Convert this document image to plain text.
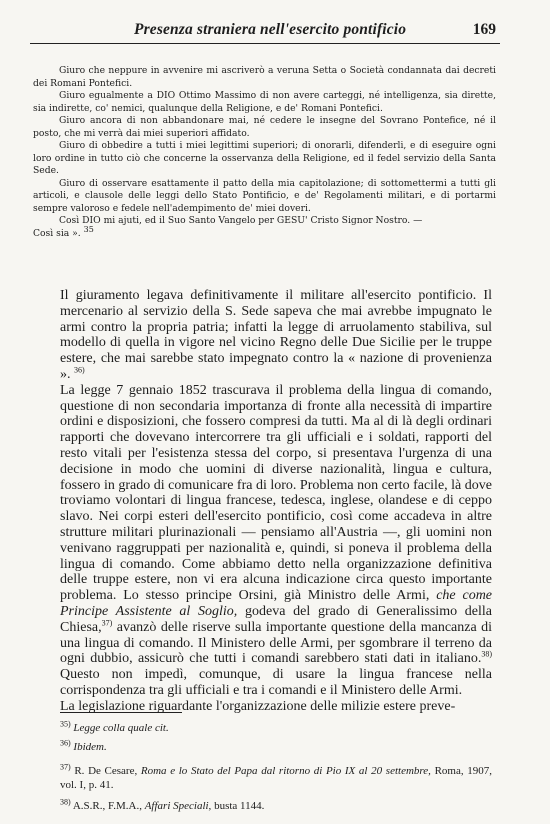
Presenza straniera nell'esercito pontificio	169

Giuro che neppure in avvenire mi ascriverò a veruna Setta o Società condannata dai decreti dei Romani Pontefici.

Giuro egualmente a DIO Ottimo Massimo di non avere carteggi, né intelligenza, sia dirette, sia indirette, co' nemici, qualunque della Religione, e de' Romani Pontefici.

Giuro ancora di non abbandonare mai, né cedere le insegne del Sovrano Pontefice, né il posto, che mi verrà dai miei superiori affidato.

Giuro di obbedire a tutti i miei legittimi superiori; di onorarli, difenderli, e di eseguire ogni loro ordine in tutto ciò che concerne la osservanza della Religione, ed il fedel servizio della Santa Sede.

Giuro di osservare esattamente il patto della mia capitolazione; di sottomettermi a tutti gli articoli, e clausole delle leggi dello Stato Pontificio, e de' Regolamenti militari, e di portarmi sempre valoroso e fedele nell'adempimento de' miei doveri.

Così DIO mi ajuti, ed il Suo Santo Vangelo per GESU' Cristo Signor Nostro. —

Così sia ». $^{35}$

Il giuramento legava definitivamente il militare all'esercito pontificio. Il mercenario al servizio della S. Sede sapeva che mai avrebbe impugnato le armi contro la propria patria; infatti la legge di arruolamento stabiliva, sul modello di quella in vigore nel vicino Regno delle Due Sicilie per le truppe estere, che mai sarebbe stato impegnato contro la « nazione di provenienza ». $^{36)}$

La legge 7 gennaio 1852 trascurava il problema della lingua di comando, questione di non secondaria importanza di fronte alla necessità di impartire ordini e disposizioni, che fossero compresi da tutti. Ma al di là degli ordinari rapporti che dovevano intercorrere tra gli ufficiali e i soldati, rapporti del resto vitali per l'esistenza stessa del corpo, si presentava l'urgenza di una decisione in modo che uomini di diverse nazionalità, lingua e cultura, fossero in grado di comunicare fra di loro. Problema non certo facile, là dove troviamo volontari di lingua francese, tedesca, inglese, olandese e di ceppo slavo. Nei corpi esteri dell'esercito pontificio, così come accadeva in altre strutture militari plurinazionali — pensiamo all'Austria —, gli uomini non venivano raggruppati per nazionalità e, quindi, si poneva il problema della lingua di comando. Come abbiamo detto nella organizzazione definitiva delle truppe estere, non vi era alcuna indicazione circa questo importante problema. Lo stesso principe Orsini, già Ministro delle Armi, che come Principe Assistente al Soglio, godeva del grado di Generalissimo della Chiesa,$^{37)}$ avanzò delle riserve sulla importante questione della mancanza di una lingua di comando. Il Ministero delle Armi, per sgombrare il terreno da ogni dubbio, assicurò che tutti i comandi sarebbero stati dati in italiano.$^{38)}$ Questo non impedì, comunque, di usare la lingua francese nella corrispondenza tra gli ufficiali e tra i comandi e il Ministero delle Armi.

La legislazione riguardante l'organizzazione delle milizie estere preve-

$^{35)}$ Legge colla quale cit.

$^{36)}$ Ibidem.

$^{37)}$ R. De Cesare, Roma e lo Stato del Papa dal ritorno di Pio IX al 20 settembre, Roma, 1907, vol. I, p. 41.

$^{38)}$ A.S.R., F.M.A., Affari Speciali, busta 1144.
